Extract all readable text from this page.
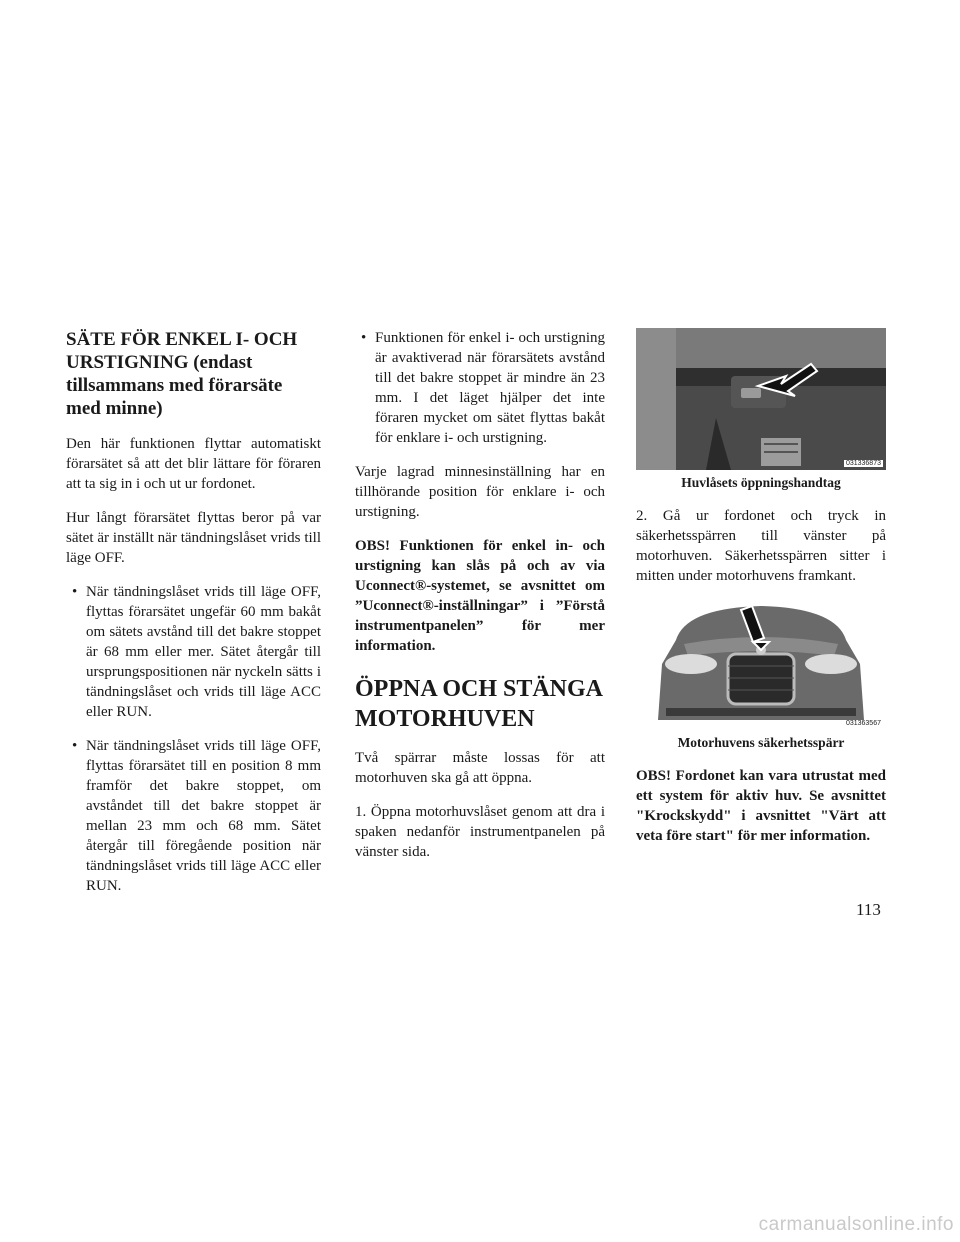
SÄTE FÖR ENKEL I- OCH URSTIGNING (endast tillsammans med förarsäte med minne)

Den här funktionen flyttar automatiskt förarsätet så att det blir lättare för föraren att ta sig in i och ut ur fordonet.

Hur långt förarsätet flyttas beror på var sätet är inställt när tändningslåset vrids till läge OFF.

• När tändningslåset vrids till läge OFF, flyttas förarsätet ungefär 60 mm bakåt om sätets avstånd till det bakre stoppet är 68 mm eller mer. Sätet återgår till ursprungspositionen när nyckeln sätts i tändningslåset och vrids till läge ACC eller RUN.
• När tändningslåset vrids till läge OFF, flyttas förarsätet till en position 8 mm framför det bakre stoppet, om avståndet till det bakre stoppet är mellan 23 mm och 68 mm. Sätet återgår till föregående position när tändningslåset vrids till läge ACC eller RUN.
• Funktionen för enkel i- och urstigning är avaktiverad när förarsätets avstånd till det bakre stoppet är mindre än 23 mm. I det läget hjälper det inte föraren mycket om sätet flyttas bakåt för enklare i- och urstigning.

Varje lagrad minnesinställning har en tillhörande position för enklare i- och urstigning.

OBS! Funktionen för enkel in- och urstigning kan slås på och av via Uconnect®-systemet, se avsnittet om ”Uconnect®-inställningar” i ”Förstå instrumentpanelen” för mer information.

ÖPPNA OCH STÄNGA MOTORHUVEN

Två spärrar måste lossas för att motorhuven ska gå att öppna.

1. Öppna motorhuvslåset genom att dra i spaken nedanför instrumentpanelen på vänster sida.

031336873
Huvlåsets öppningshandtag

2. Gå ur fordonet och tryck in säkerhetsspärren till vänster på motorhuven. Säkerhetsspärren sitter i mitten under motorhuvens framkant.

031363567
Motorhuvens säkerhetsspärr

OBS! Fordonet kan vara utrustat med ett system för aktiv huv. Se avsnittet "Krockskydd" i avsnittet "Värt att veta före start" för mer information.

113
carmanualsonline.info
